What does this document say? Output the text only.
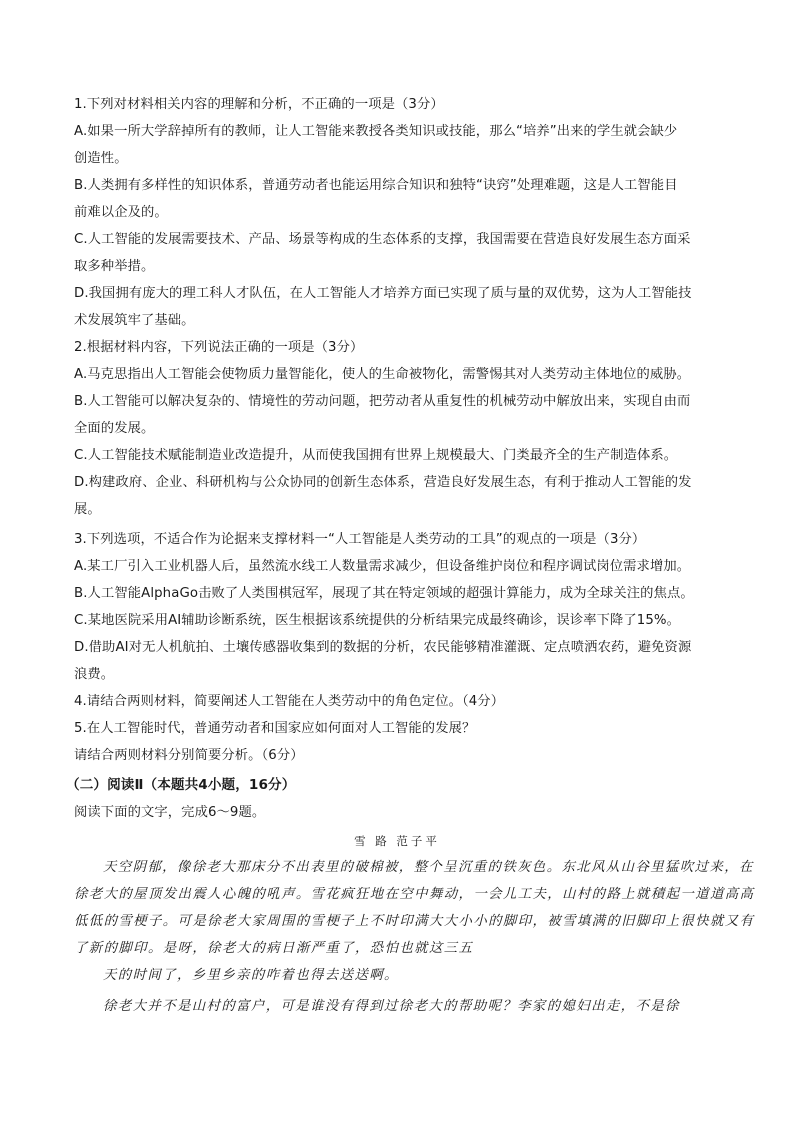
1.下列对材料相关内容的理解和分析，不正确的一项是（3分）
A.如果一所大学辞掉所有的教师，让人工智能来教授各类知识或技能，那么“培养”出来的学生就会缺少
创造性。
B.人类拥有多样性的知识体系，普通劳动者也能运用综合知识和独特“诀窍”处理难题，这是人工智能目
前难以企及的。
C.人工智能的发展需要技术、产品、场景等构成的生态体系的支撑，我国需要在营造良好发展生态方面采
取多种举措。
D.我国拥有庞大的理工科人才队伍，在人工智能人才培养方面已实现了质与量的双优势，这为人工智能技
术发展筑牢了基础。
2.根据材料内容，下列说法正确的一项是（3分）
A.马克思指出人工智能会使物质力量智能化，使人的生命被物化，需警惕其对人类劳动主体地位的威胁。
B.人工智能可以解决复杂的、情境性的劳动问题，把劳动者从重复性的机械劳动中解放出来，实现自由而
全面的发展。
C.人工智能技术赋能制造业改造提升，从而使我国拥有世界上规模最大、门类最齐全的生产制造体系。
D.构建政府、企业、科研机构与公众协同的创新生态体系，营造良好发展生态，有利于推动人工智能的发
展。
3.下列选项，不适合作为论据来支撑材料一“人工智能是人类劳动的工具”的观点的一项是（3分）
A.某工厂引入工业机器人后，虽然流水线工人数量需求减少，但设备维护岗位和程序调试岗位需求增加。
B.人工智能AlphaGo击败了人类围棋冠军，展现了其在特定领域的超强计算能力，成为全球关注的焦点。
C.某地医院采用AI辅助诊断系统，医生根据该系统提供的分析结果完成最终确诊，误诊率下降了15%。
D.借助AI对无人机航拍、土壤传感器收集到的数据的分析，农民能够精准灌溉、定点喷洒农药，避免资源
浪费。
4.请结合两则材料，简要阐述人工智能在人类劳动中的角色定位。（4分）
5.在人工智能时代，普通劳动者和国家应如何面对人工智能的发展？
请结合两则材料分别简要分析。（6分）
（二）阅读Ⅱ（本题共4小题，16分）
阅读下面的文字，完成6～9题。
雪 路 范子平
天空阴郁，像徐老大那床分不出表里的破棉被，整个呈沉重的铁灰色。东北风从山谷里猛吹过来，在
徐老大的屋顶发出震人心魄的吼声。雪花疯狂地在空中舞动，一会儿工夫，山村的路上就積起一道道高高
低低的雪梗子。可是徐老大家周围的雪梗子上不时印满大大小小的脚印，被雪填满的旧脚印上很快就又有
了新的脚印。是呀，徐老大的病日渐严重了，恐怕也就这三五
天的时间了，乡里乡亲的咋着也得去送送啊。
徐老大并不是山村的富户，可是谁没有得到过徐老大的帮助呢？李家的媳妇出走，不是徐
